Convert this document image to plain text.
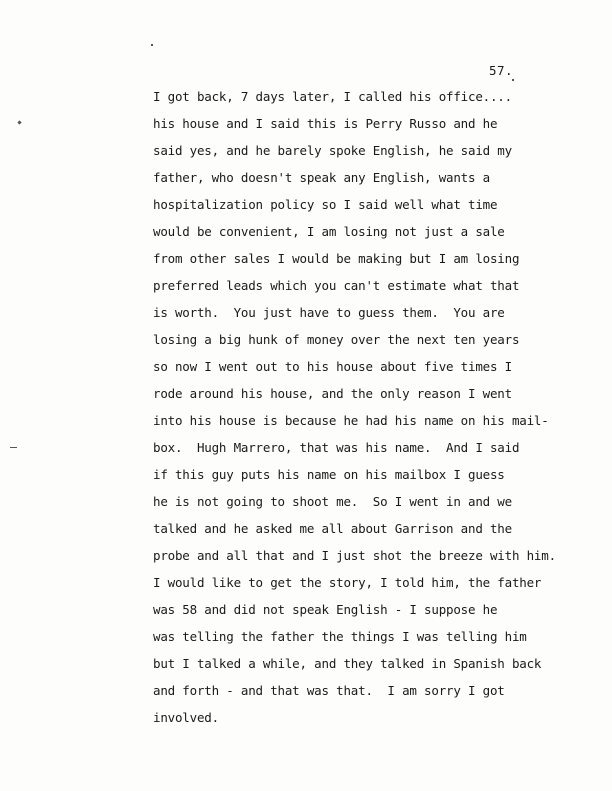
57.
I got back, 7 days later, I called his office....
his house and I said this is Perry Russo and he
said yes, and he barely spoke English, he said my
father, who doesn't speak any English, wants a
hospitalization policy so I said well what time
would be convenient, I am losing not just a sale
from other sales I would be making but I am losing
preferred leads which you can't estimate what that
is worth.  You just have to guess them.  You are
losing a big hunk of money over the next ten years
so now I went out to his house about five times I
rode around his house, and the only reason I went
into his house is because he had his name on his mail-
box.  Hugh Marrero, that was his name.  And I said
if this guy puts his name on his mailbox I guess
he is not going to shoot me.  So I went in and we
talked and he asked me all about Garrison and the
probe and all that and I just shot the breeze with him.
I would like to get the story, I told him, the father
was 58 and did not speak English - I suppose he
was telling the father the things I was telling him
but I talked a while, and they talked in Spanish back
and forth - and that was that.  I am sorry I got
involved.
